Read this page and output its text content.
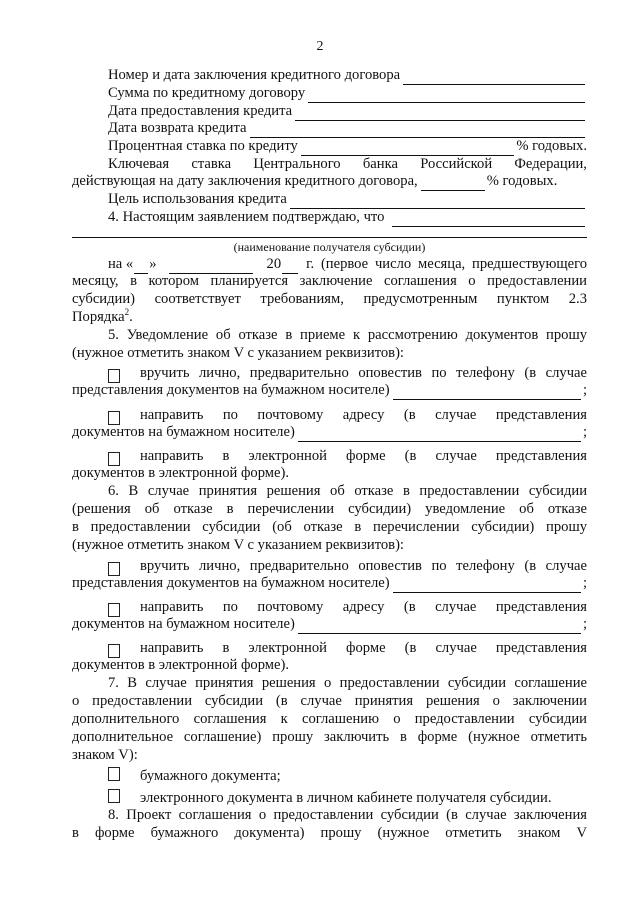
2
Номер и дата заключения кредитного договора
Сумма по кредитному договору
Дата предоставления кредита
Дата возврата кредита
Процентная ставка по кредиту	% годовых.
Ключевая ставка Центрального банка Российской Федерации,
действующая на дату заключения кредитного договора,	% годовых.
Цель использования кредита
4. Настоящим заявлением подтверждаю, что
(наименование получателя субсидии)
на « »	20 г. (первое число месяца, предшествующего
месяцу, в котором планируется заключение соглашения о предоставлении
субсидии) соответствует требованиям, предусмотренным пунктом 2.3
Порядка$^2$.
5. Уведомление об отказе в приеме к рассмотрению документов прошу
(нужное отметить знаком V с указанием реквизитов):
вручить лично, предварительно оповестив по телефону (в случае
представления документов на бумажном носителе)	;
направить по почтовому адресу (в случае представления
документов на бумажном носителе)	;
направить в электронной форме (в случае представления
документов в электронной форме).
6. В случае принятия решения об отказе в предоставлении субсидии
(решения об отказе в перечислении субсидии) уведомление об отказе
в предоставлении субсидии (об отказе в перечислении субсидии) прошу
(нужное отметить знаком V с указанием реквизитов):
вручить лично, предварительно оповестив по телефону (в случае
представления документов на бумажном носителе)	;
направить по почтовому адресу (в случае представления
документов на бумажном носителе)	;
направить в электронной форме (в случае представления
документов в электронной форме).
7. В случае принятия решения о предоставлении субсидии соглашение
о предоставлении субсидии (в случае принятия решения о заключении
дополнительного соглашения к соглашению о предоставлении субсидии
дополнительное соглашение) прошу заключить в форме (нужное отметить
знаком V):
бумажного документа;
электронного документа в личном кабинете получателя субсидии.
8. Проект соглашения о предоставлении субсидии (в случае заключения
в форме бумажного документа) прошу (нужное отметить знаком V
